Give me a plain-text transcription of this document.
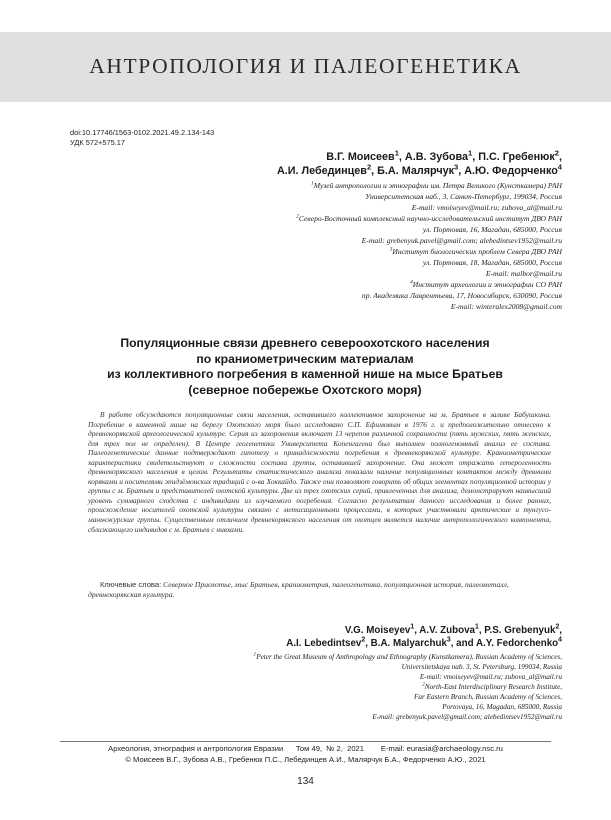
АНТРОПОЛОГИЯ И ПАЛЕОГЕНЕТИКА
doi:10.17746/1563-0102.2021.49.2.134-143
УДК 572+575.17
В.Г. Моисеев$^1$, А.В. Зубова$^1$, П.С. Гребенюк$^2$,
А.И. Лебединцев$^2$, Б.А. Малярчук$^3$, А.Ю. Федорченко$^4$
$^1$Музей антропологии и этнографии им. Петра Великого (Кунсткамера) РАН
Университетская наб., 3, Санкт-Петербург, 199034, Россия
E-mail: vmoiseyev@mail.ru; zubova_al@mail.ru
$^2$Северо-Восточный комплексный научно-исследовательский институт ДВО РАН
ул. Портовая, 16, Магадан, 685000, Россия
E-mail: grebenyuk.pavel@gmail.com; alebedintsev1952@mail.ru
$^3$Институт биологических проблем Севера ДВО РАН
ул. Портовая, 18, Магадан, 685000, Россия
E-mail: malbor@mail.ru
$^4$Институт археологии и этнографии СО РАН
пр. Академика Лаврентьева, 17, Новосибирск, 630090, Россия
E-mail: winteralex2008@gmail.com
Популяционные связи древнего североохотского населения
по краниометрическим материалам
из коллективного погребения в каменной нише на мысе Братьев
(северное побережье Охотского моря)

В работе обсуждаются популяционные связи населения, оставившего коллективное захоронение на м. Братьев в заливе Бабушкина. Погребение в каменной нише на берегу Охотского моря было исследовано С.П. Ефимовым в 1976 г. и предположительно отнесено к древнекорякской археологической культуре. Серия из захоронения включает 13 черепов различной сохранности (пять мужских, пять женских, для трех пол не определен). В Центре геогенетики Университета Копенгагена был выполнен полногеномный анализ ее состава. Палеогенетические данные подтверждают гипотезу о принадлежности погребения к древнекорякской культуре. Краниометрические характеристики свидетельствуют о сложности состава группы, оставившей захоронение. Она может отражать гетерогенность древнекорякского населения в целом. Результаты статистического анализа показали наличие популяционных контактов между древними коряками и носителями эпидзёмонских традиций с о-ва Хоккайдо. Также они позволяют говорить об общих элементах популяционной истории у группы с м. Братьев и представителей охотской культуры. Две из трех охотских серий, привлеченных для анализа, демонстрируют наивысший уровень суммарного сходства с индивидами из изучаемого погребения. Согласно результатам данного исследования и более ранних, происхождение носителей охотской культуры связано с метисационными процессами, в которых участвовали арктические и тунгусо-маньчжурские группы. Существенным отличием древнекорякского населения от охотцев является наличие антропологического компонента, сближающего индивидов с м. Братьев с нивхами.

Ключевые слова: Северное Приохотье, мыс Братьев, краниометрия, палеогенетика, популяционная история, палеометалл, древнекорякская культура.

V.G. Moiseyev$^1$, A.V. Zubova$^1$, P.S. Grebenyuk$^2$,
A.I. Lebedintsev$^2$, B.A. Malyarchuk$^3$, and A.Y. Fedorchenko$^4$
$^1$Peter the Great Museum of Anthropology and Ethnography (Kunstkamera), Russian Academy of Sciences,
Universitetskaya nab. 3, St. Petersburg, 199034, Russia
E-mail: vmoiseyev@mail.ru; zubova_al@mail.ru
$^2$North-East Interdisciplinary Research Institute,
Far Eastern Branch, Russian Academy of Sciences,
Portovaya, 16, Magadan, 685000, Russia
E-mail: grebenyuk.pavel@gmail.com; alebedintsev1952@mail.ru
Археология, этнография и антропология Евразии Том 49, № 2, 2021 E-mail: eurasia@archaeology.nsc.ru
© Моисеев В.Г., Зубова А.В., Гребенюк П.С., Лебединцев А.И., Малярчук Б.А., Федорченко А.Ю., 2021
134
